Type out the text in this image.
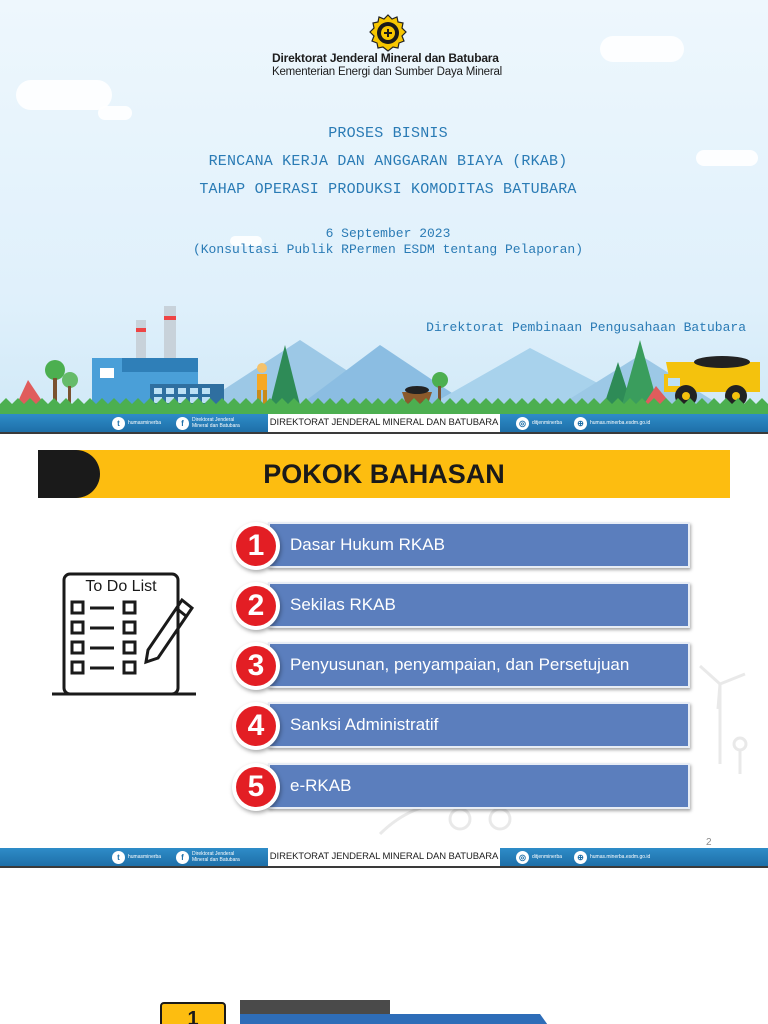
Direktorat Jenderal Mineral dan Batubara
Kementerian Energi dan Sumber Daya Mineral
PROSES BISNIS
RENCANA KERJA DAN ANGGARAN BIAYA (RKAB)
TAHAP OPERASI PRODUKSI KOMODITAS BATUBARA
6 September 2023
(Konsultasi Publik RPermen ESDM tentang Pelaporan)
Direktorat Pembinaan Pengusahaan Batubara
t	humasminerba	f	Direktorat Jenderal
Mineral dan Batubara	DIREKTORAT JENDERAL MINERAL DAN BATUBARA	◎	ditjenminerba	⊕	humas.minerba.esdm.go.id
POKOK BAHASAN
To Do List
Dasar Hukum RKAB
1
Sekilas RKAB
2
Penyusunan, penyampaian, dan Persetujuan
3
Sanksi Administratif
4
e-RKAB
5
2
t	humasminerba	f	Direktorat Jenderal
Mineral dan Batubara	DIREKTORAT JENDERAL MINERAL DAN BATUBARA	◎	ditjenminerba	⊕	humas.minerba.esdm.go.id
1
